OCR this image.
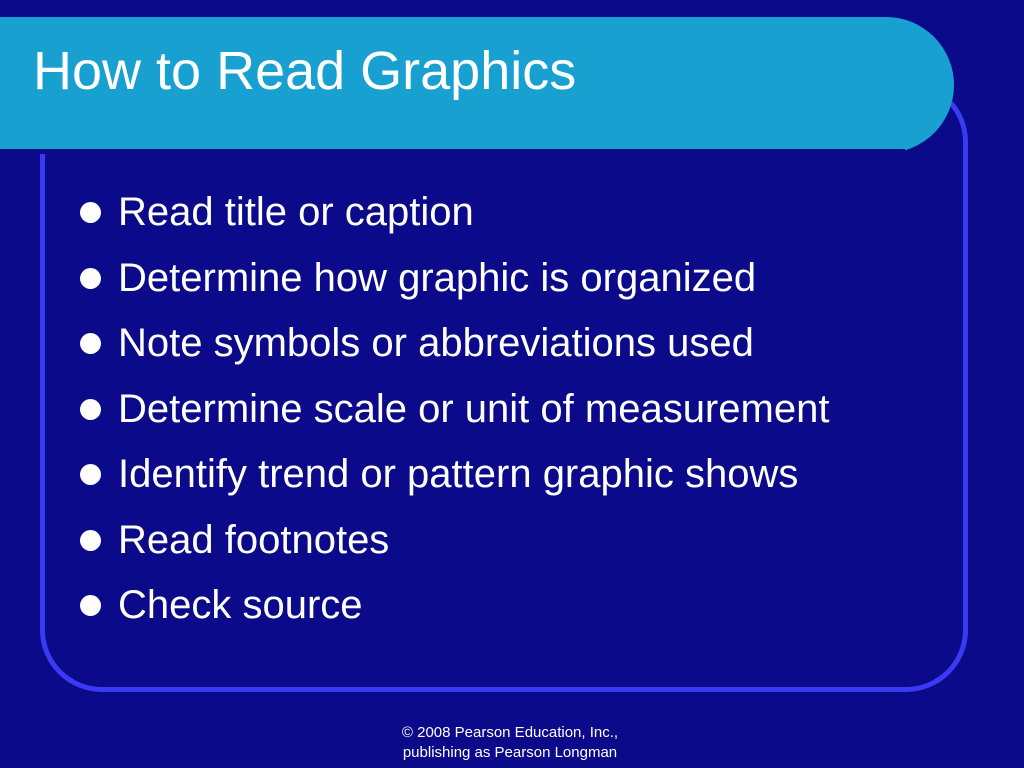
How to Read Graphics
Read title or caption
Determine how graphic is organized
Note symbols or abbreviations used
Determine scale or unit of measurement
Identify trend or pattern graphic shows
Read footnotes
Check source
© 2008 Pearson Education, Inc.,
publishing as Pearson Longman
